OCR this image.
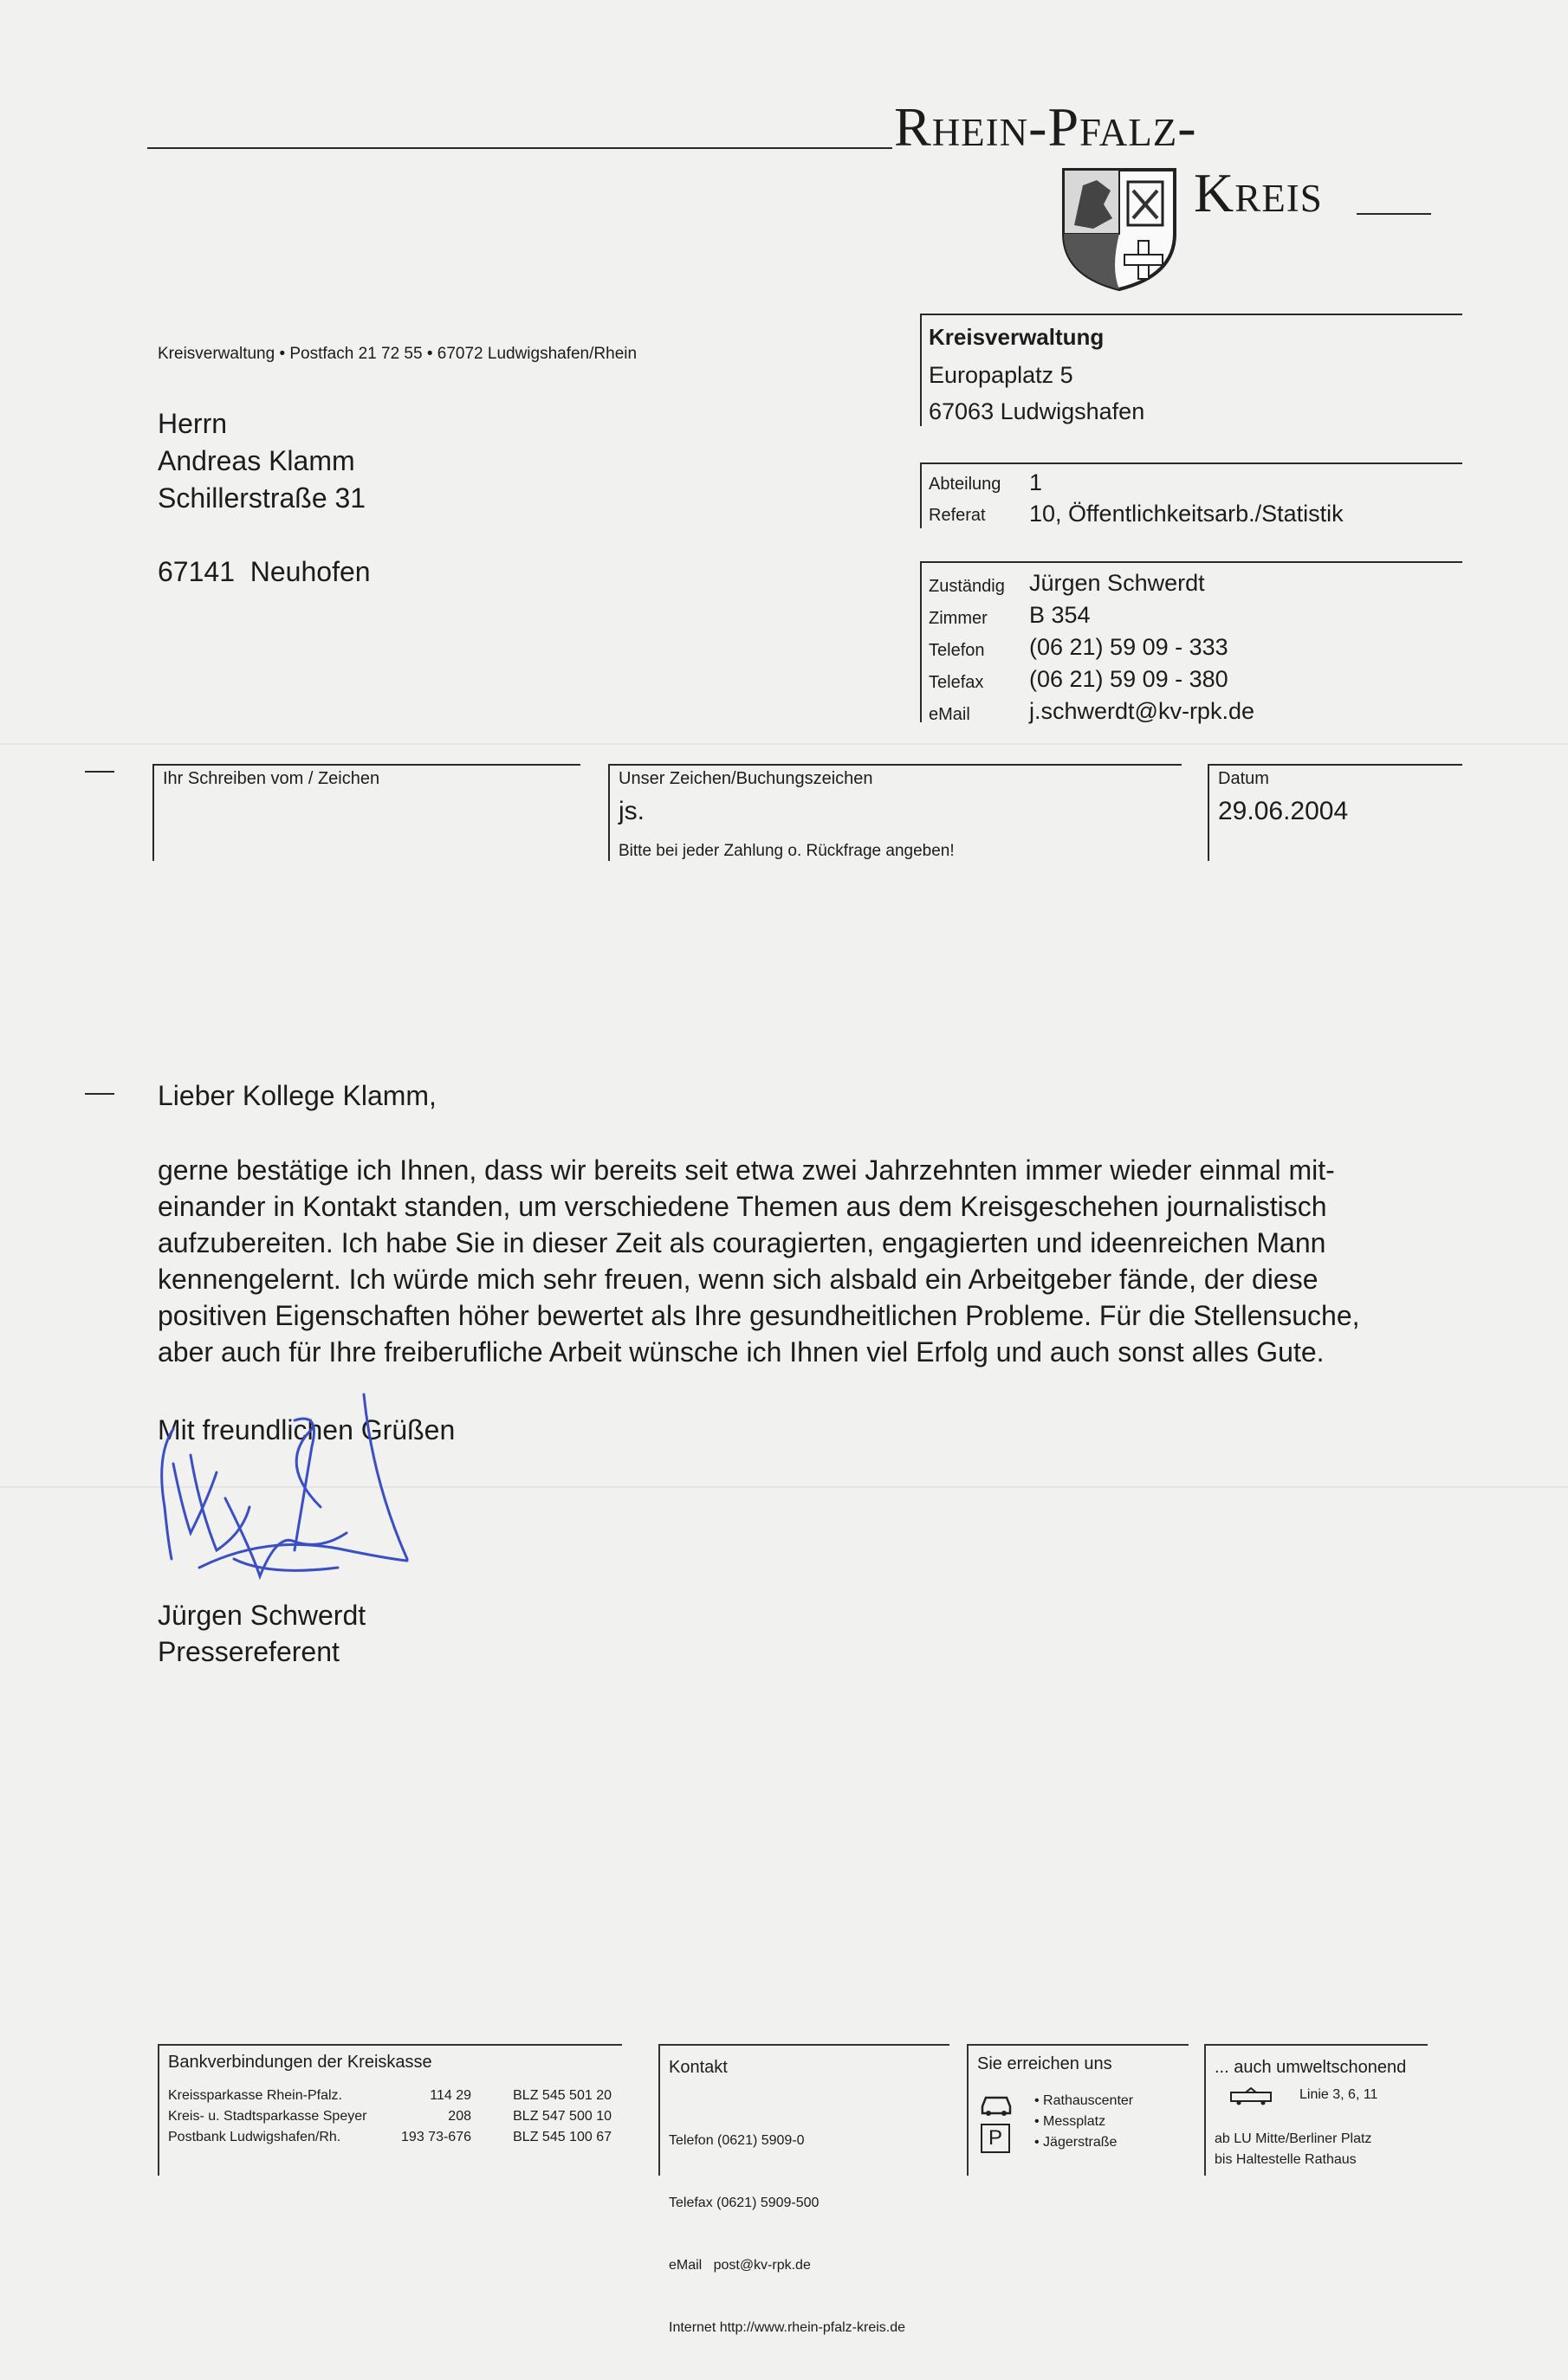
Rhein-Pfalz-
Kreis
Kreisverwaltung • Postfach 21 72 55 • 67072 Ludwigshafen/Rhein
Herrn
Andreas Klamm
Schillerstraße 31
67141 Neuhofen
Kreisverwaltung
Europaplatz 5
67063 Ludwigshafen
Abteilung 1
Referat 10, Öffentlichkeitsarb./Statistik
Zuständig Jürgen Schwerdt
Zimmer B 354
Telefon (06 21) 59 09 - 333
Telefax (06 21) 59 09 - 380
eMail	j.schwerdt@kv-rpk.de
Ihr Schreiben vom / Zeichen	Unser Zeichen/Buchungszeichen
js.
Bitte bei jeder Zahlung o. Rückfrage angeben!
Datum
29.06.2004
Lieber Kollege Klamm,
gerne bestätige ich Ihnen, dass wir bereits seit etwa zwei Jahrzehnten immer wieder einmal mit-
einander in Kontakt standen, um verschiedene Themen aus dem Kreisgeschehen journalistisch
aufzubereiten. Ich habe Sie in dieser Zeit als couragierten, engagierten und ideenreichen Mann
kennengelernt. Ich würde mich sehr freuen, wenn sich alsbald ein Arbeitgeber fände, der diese
positiven Eigenschaften höher bewertet als Ihre gesundheitlichen Probleme. Für die Stellensuche,
aber auch für Ihre freiberufliche Arbeit wünsche ich Ihnen viel Erfolg und auch sonst alles Gute.
Mit freundlichen Grüßen
Jürgen Schwerdt
Pressereferent
Bankverbindungen der Kreiskasse
Kreissparkasse Rhein-Pfalz.	114 29	BLZ 545 501 20
Kreis- u. Stadtsparkasse Speyer	208	BLZ 547 500 10
Postbank Ludwigshafen/Rh.	193 73-676	BLZ 545 100 67
Kontakt

Telefon (0621) 5909-0

Telefax (0621) 5909-500

eMail   post@kv-rpk.de

Internet http://www.rhein-pfalz-kreis.de

Sie erreichen uns
P
• Rathauscenter
• Messplatz
• Jägerstraße
... auch umweltschonend
Linie 3, 6, 11
ab LU Mitte/Berliner Platz
bis Haltestelle Rathaus
